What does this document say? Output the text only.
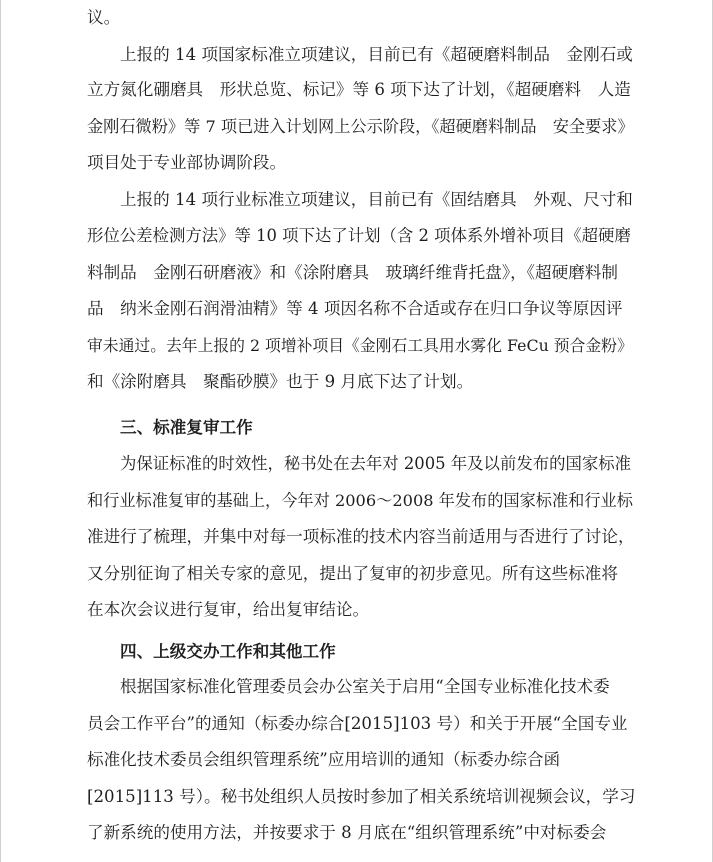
议。
上报的 14 项国家标准立项建议，目前已有《超硬磨料制品　金刚石或
立方氮化硼磨具　形状总览、标记》等 6 项下达了计划，《超硬磨料　人造
金刚石微粉》等 7 项已进入计划网上公示阶段，《超硬磨料制品　安全要求》
项目处于专业部协调阶段。
上报的 14 项行业标准立项建议，目前已有《固结磨具　外观、尺寸和
形位公差检测方法》等 10 项下达了计划（含 2 项体系外增补项目《超硬磨
料制品　金刚石研磨液》和《涂附磨具　玻璃纤维背托盘》，《超硬磨料制
品　纳米金刚石润滑油精》等 4 项因名称不合适或存在归口争议等原因评
审未通过。去年上报的 2 项增补项目《金刚石工具用水雾化 FeCu 预合金粉》
和《涂附磨具　聚酯砂膜》也于 9 月底下达了计划。
三、标准复审工作
为保证标准的时效性，秘书处在去年对 2005 年及以前发布的国家标准
和行业标准复审的基础上，今年对 2006～2008 年发布的国家标准和行业标
准进行了梳理，并集中对每一项标准的技术内容当前适用与否进行了讨论，
又分别征询了相关专家的意见，提出了复审的初步意见。所有这些标准将
在本次会议进行复审，给出复审结论。
四、上级交办工作和其他工作
根据国家标准化管理委员会办公室关于启用“全国专业标准化技术委
员会工作平台”的通知（标委办综合[2015]103 号）和关于开展“全国专业
标准化技术委员会组织管理系统”应用培训的通知（标委办综合函
[2015]113 号）。秘书处组织人员按时参加了相关系统培训视频会议，学习
了新系统的使用方法，并按要求于 8 月底在“组织管理系统”中对标委会
